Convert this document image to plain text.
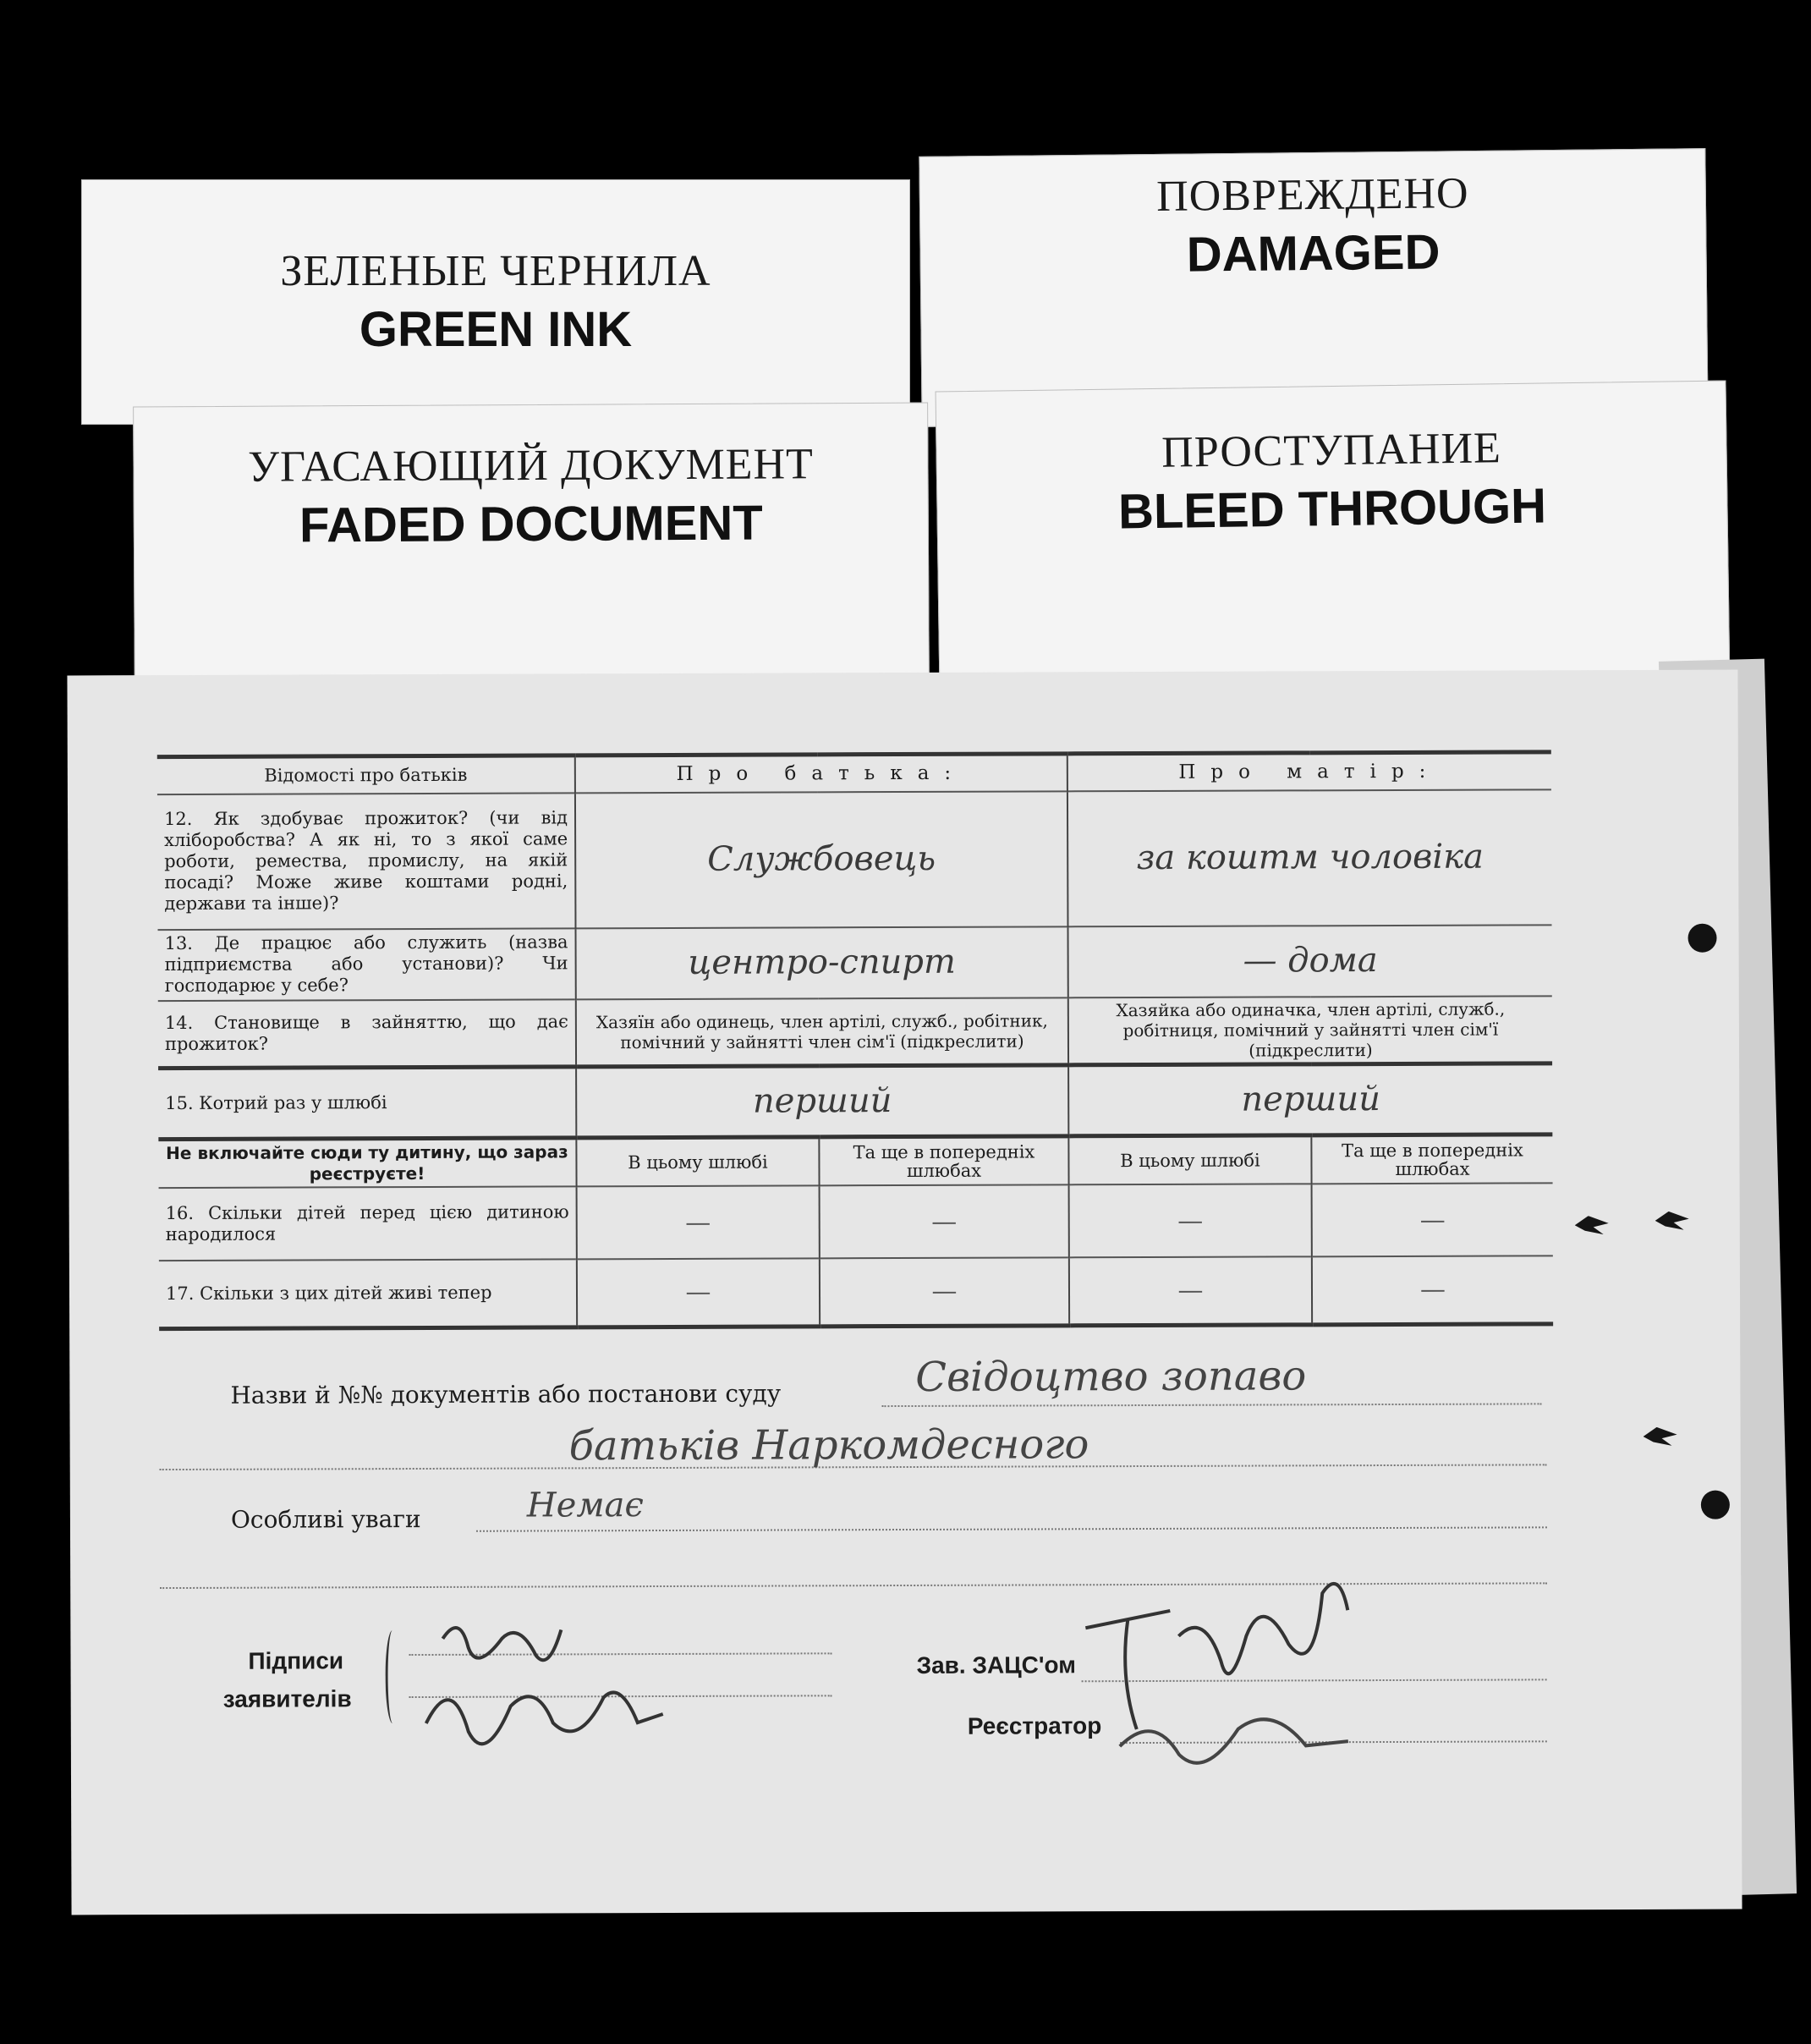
ЗЕЛЕНЫЕ ЧЕРНИЛА
GREEN INK
ПОВРЕЖДЕНО
DAMAGED
УГАСАЮЩИЙ ДОКУМЕНТ
FADED DOCUMENT
ПРОСТУПАНИЕ
BLEED THROUGH
Відомості про батьків	Про батька:		Про матір:	
12. Як здобуває прожиток? (чи від хліборобства? А як ні, то з якої саме роботи, ремества, промислу, на якій посаді? Може живе коштами родні, держави та інше)?	Службовець		за коштм чоловіка	
13. Де працює або служить (назва підприємства або установи)? Чи господарює у себе?	центро-спирт		— дома	
14. Становище в зайняттю, що дає прожиток?	Хазяїн або одинець, член артілі, служб., робітник, помічний у зайнятті член сім'ї (підкреслити)		Хазяйка або одиначка, член артілі, служб., робітниця, помічний у зайнятті член сім'ї (підкреслити)	
15. Котрий раз у шлюбі	перший		перший	
Не включайте сюди ту дитину, що зараз реєструєте!	В цьому шлюбі	Та ще в попередніх шлюбах	В цьому шлюбі	Та ще в попередніх шлюбах
16. Скільки дітей перед цією дитиною народилося	—	—	—	—
17. Скільки з цих дітей живі тепер	—	—	—	—
Назви й №№ документів або постанови суду	Свідоцтво зопаво
батьків Наркомдесного
Особливі уваги	Немає
Підписи
заявителів
Зав. ЗАЦС'ом
Реєстратор
